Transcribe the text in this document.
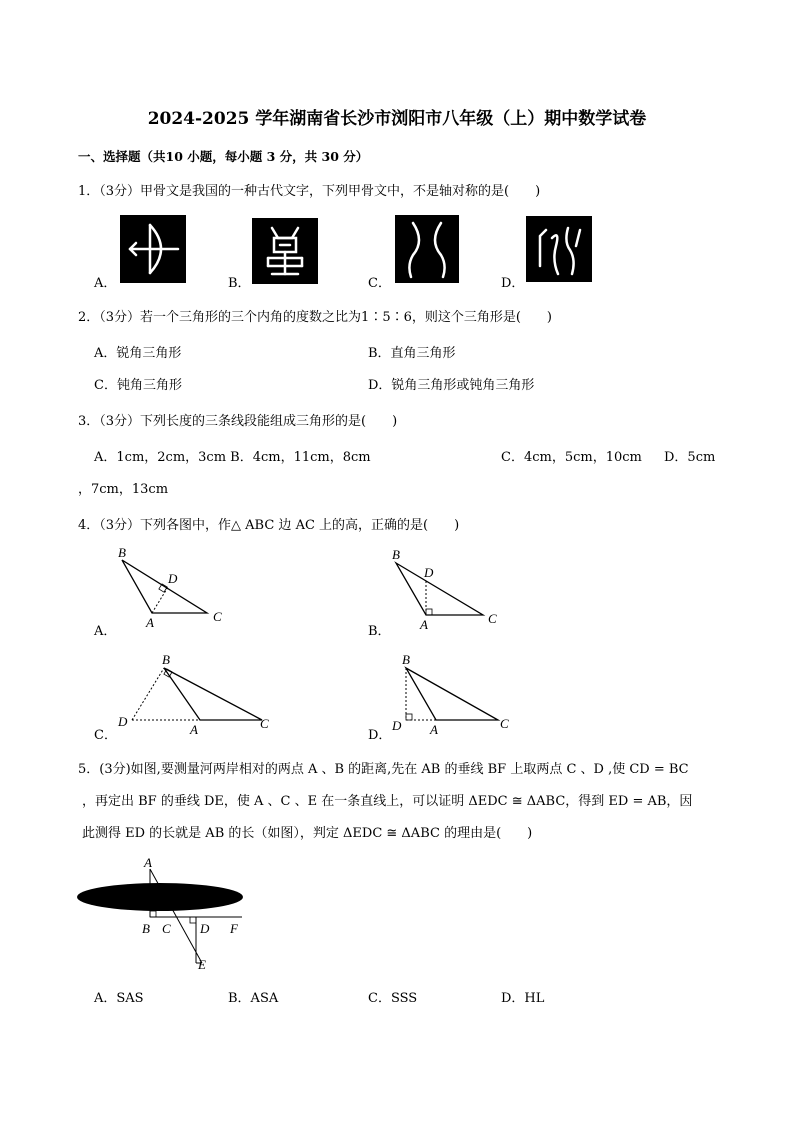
2024-2025 学年湖南省长沙市浏阳市八年级（上）期中数学试卷
一、选择题（共10 小题，每小题 3 分，共 30 分）
1．（3分）甲骨文是我国的一种古代文字，下列甲骨文中，不是轴对称的是(　　)
A．	B．	C．	D．
2．（3分）若一个三角形的三个内角的度数之比为1∶5∶6，则这个三角形是(　　)
A．锐角三角形	B．直角三角形
C．钝角三角形	D．锐角三角形或钝角三角形
3．（3分）下列长度的三条线段能组成三角形的是(　　)
A．1cm，2cm，3cm B．4cm，11cm，8cm	C．4cm，5cm，10cm D．5cm
，7cm，13cm
4．（3分）下列各图中，作△ ABC 边 AC 上的高，正确的是(　　)
A．	B．
C．	D．
B
D
A	C
B
D
A	C
B
D
A	C
B
D A	C
5．(3分)如图,要测量河两岸相对的两点 A 、B 的距离,先在 AB 的垂线 BF 上取两点 C 、D ,使 CD = BC
，再定出 BF 的垂线 DE，使 A 、C 、E 在一条直线上，可以证明 ΔEDC ≅ ΔABC，得到 ED = AB，因
此测得 ED 的长就是 AB 的长（如图），判定 ΔEDC ≅ ΔABC 的理由是(　　)
A
B C D F
E
A．SAS	B．ASA	C．SSS	D．HL
